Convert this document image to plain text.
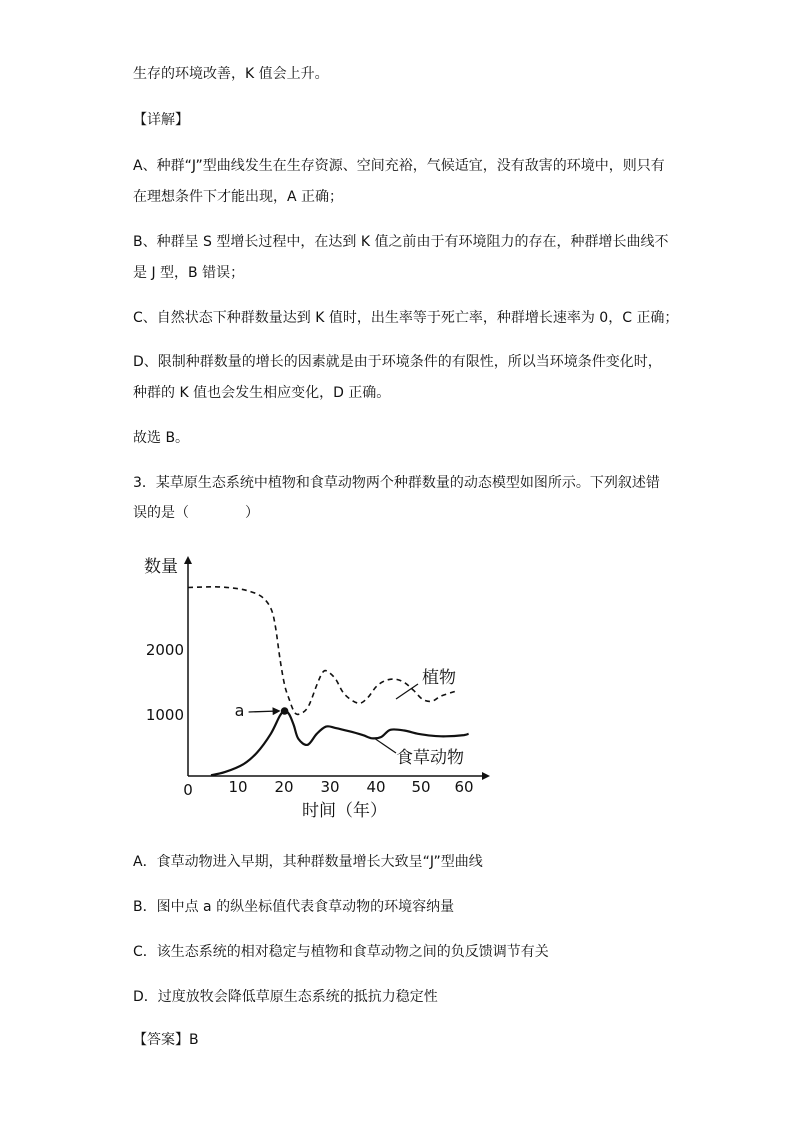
生存的环境改善，K 值会上升。

【详解】

A、种群“J”型曲线发生在生存资源、空间充裕，气候适宜，没有敌害的环境中，则只有

在理想条件下才能出现，A 正确；

B、种群呈 S 型增长过程中，在达到 K 值之前由于有环境阻力的存在，种群增长曲线不

是 J 型，B 错误；

C、自然状态下种群数量达到 K 值时，出生率等于死亡率，种群增长速率为 0，C 正确；

D、限制种群数量的增长的因素就是由于环境条件的有限性，所以当环境条件变化时，

种群的 K 值也会发生相应变化，D 正确。

故选 B。

3．某草原生态系统中植物和食草动物两个种群数量的动态模型如图所示。下列叙述错

误的是（　　　　）

数量
时间（年）
0 10 20 30 40 50 60
1000
2000
a
植物
食草动物

A．食草动物进入早期，其种群数量增长大致呈“J”型曲线

B．图中点 a 的纵坐标值代表食草动物的环境容纳量

C．该生态系统的相对稳定与植物和食草动物之间的负反馈调节有关

D．过度放牧会降低草原生态系统的抵抗力稳定性

【答案】B
